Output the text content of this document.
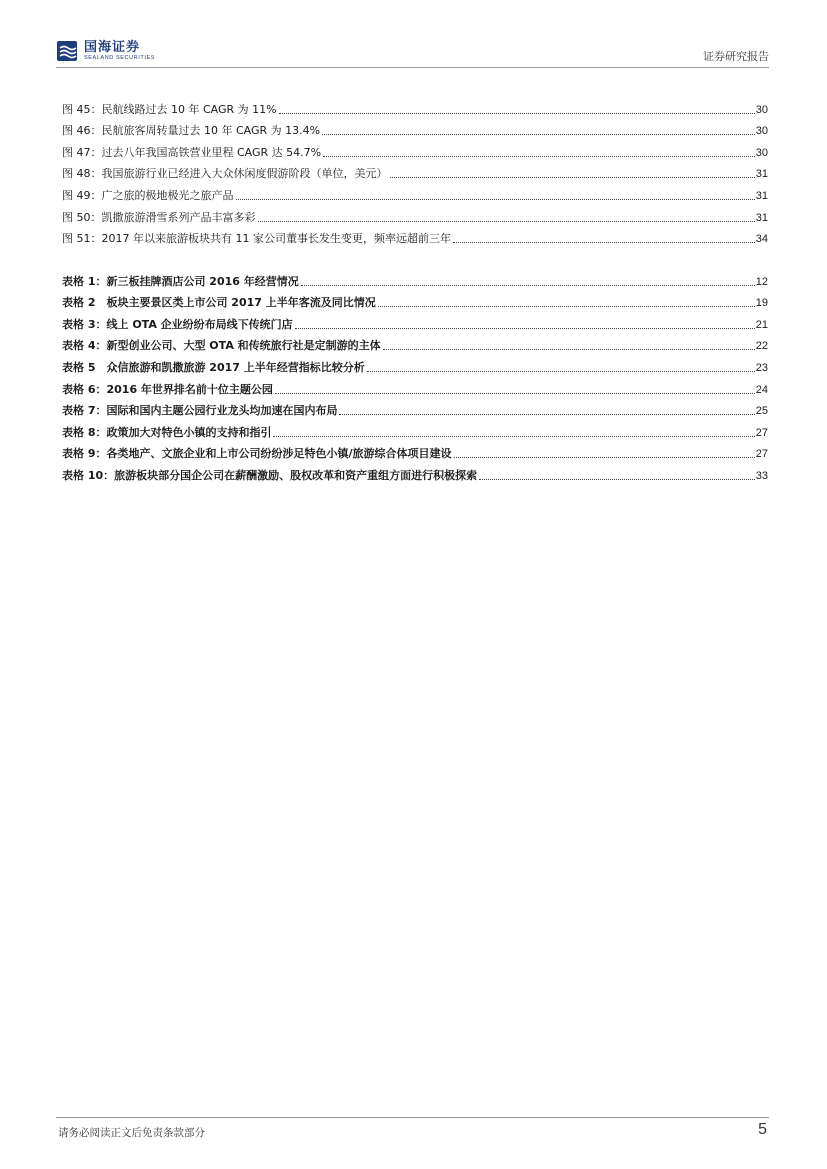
国海证券
SEALAND SECURITIES	证券研究报告
图 45：民航线路过去 10 年 CAGR 为 11%	30
图 46：民航旅客周转量过去 10 年 CAGR 为 13.4%	30
图 47：过去八年我国高铁营业里程 CAGR 达 54.7%	30
图 48：我国旅游行业已经进入大众休闲度假游阶段（单位，美元）	31
图 49：广之旅的极地极光之旅产品	31
图 50：凯撒旅游滑雪系列产品丰富多彩	31
图 51：2017 年以来旅游板块共有 11 家公司董事长发生变更，频率远超前三年	34
表格 1：新三板挂牌酒店公司 2016 年经营情况	12
表格 2　板块主要景区类上市公司 2017 上半年客流及同比情况	19
表格 3：线上 OTA 企业纷纷布局线下传统门店	21
表格 4：新型创业公司、大型 OTA 和传统旅行社是定制游的主体	22
表格 5　众信旅游和凯撒旅游 2017 上半年经营指标比较分析	23
表格 6：2016 年世界排名前十位主题公园	24
表格 7：国际和国内主题公园行业龙头均加速在国内布局	25
表格 8：政策加大对特色小镇的支持和指引	27
表格 9：各类地产、文旅企业和上市公司纷纷涉足特色小镇/旅游综合体项目建设	27
表格 10：旅游板块部分国企公司在薪酬激励、股权改革和资产重组方面进行积极探索	33
请务必阅读正文后免责条款部分	5
